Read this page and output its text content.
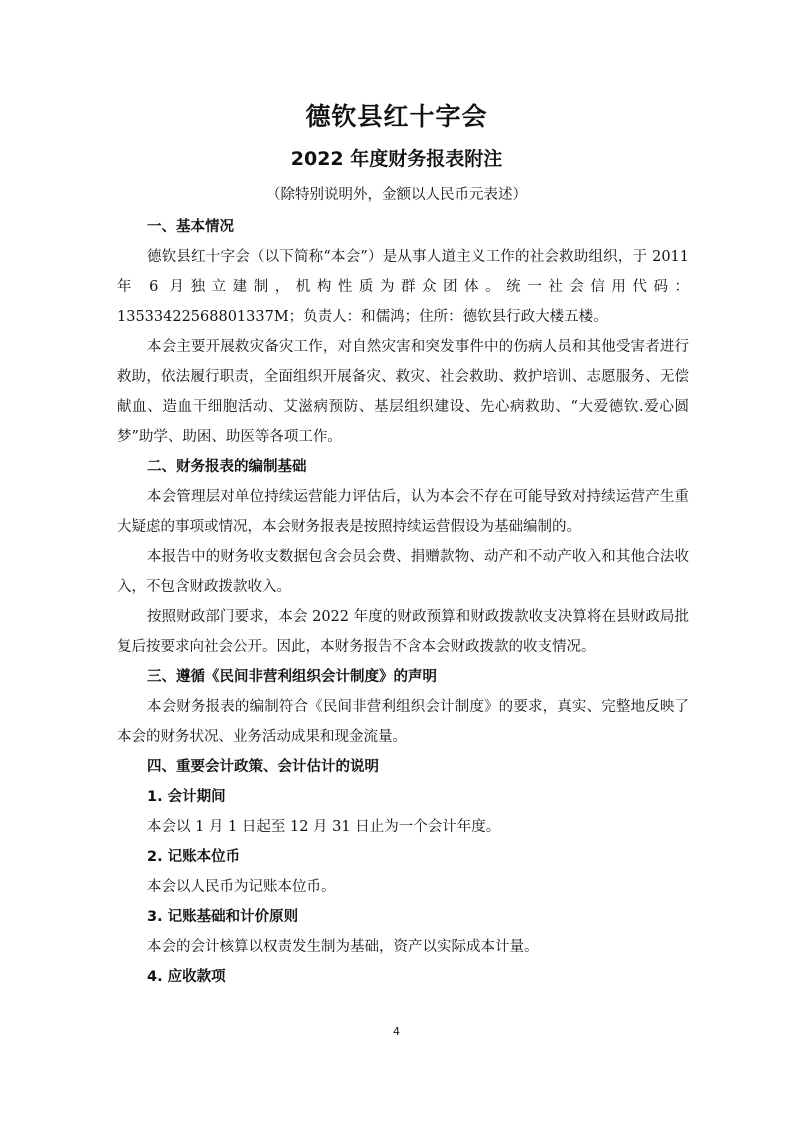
德钦县红十字会
2022 年度财务报表附注
（除特别说明外，金额以人民币元表述）
一、基本情况
德钦县红十字会（以下简称“本会”）是从事人道主义工作的社会救助组织，于 2011 年 6 月独立建制，机构性质为群众团体。统一社会信用代码：13533422568801337M；负责人：和儒鸿；住所：德钦县行政大楼五楼。
本会主要开展救灾备灾工作，对自然灾害和突发事件中的伤病人员和其他受害者进行救助，依法履行职责，全面组织开展备灾、救灾、社会救助、救护培训、志愿服务、无偿献血、造血干细胞活动、艾滋病预防、基层组织建设、先心病救助、“大爱德钦.爱心圆梦”助学、助困、助医等各项工作。
二、财务报表的编制基础
本会管理层对单位持续运营能力评估后，认为本会不存在可能导致对持续运营产生重大疑虑的事项或情况，本会财务报表是按照持续运营假设为基础编制的。
本报告中的财务收支数据包含会员会费、捐赠款物、动产和不动产收入和其他合法收入，不包含财政拨款收入。
按照财政部门要求，本会 2022 年度的财政预算和财政拨款收支决算将在县财政局批复后按要求向社会公开。因此，本财务报告不含本会财政拨款的收支情况。
三、遵循《民间非营利组织会计制度》的声明
本会财务报表的编制符合《民间非营利组织会计制度》的要求，真实、完整地反映了本会的财务状况、业务活动成果和现金流量。
四、重要会计政策、会计估计的说明
1. 会计期间
本会以 1 月 1 日起至 12 月 31 日止为一个会计年度。
2. 记账本位币
本会以人民币为记账本位币。
3. 记账基础和计价原则
本会的会计核算以权责发生制为基础，资产以实际成本计量。
4. 应收款项
4
